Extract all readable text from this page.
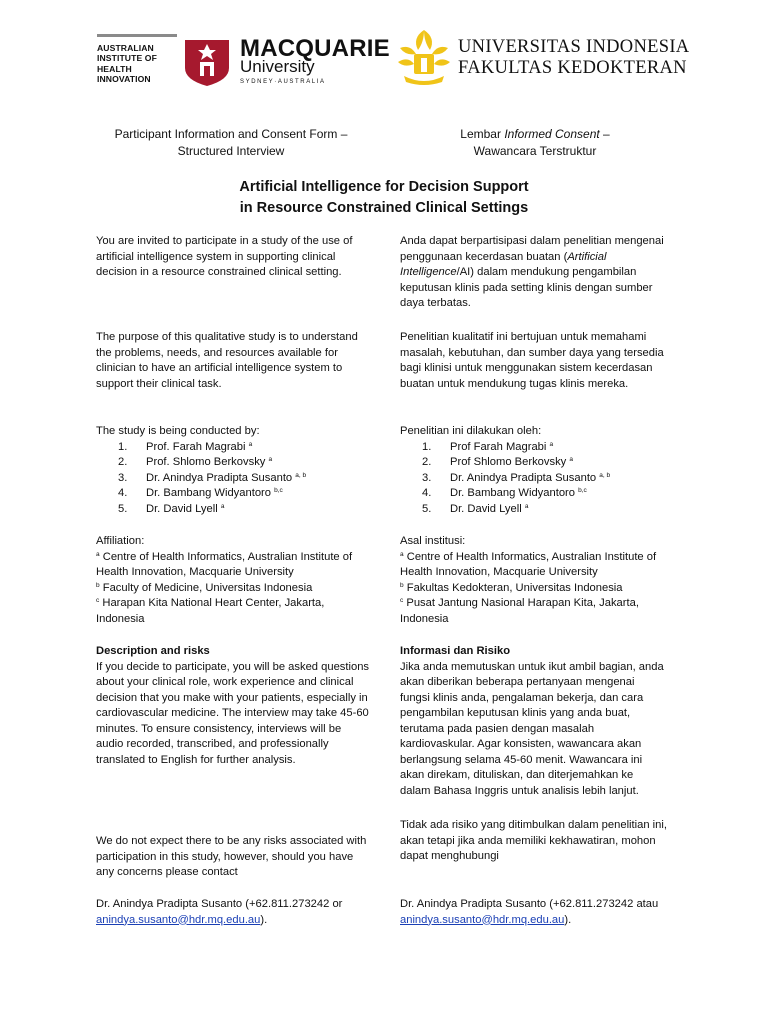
AUSTRALIAN
INSTITUTE OF
HEALTH
INNOVATION
MACQUARIE
University
SYDNEY·AUSTRALIA
UNIVERSITAS INDONESIA
FAKULTAS KEDOKTERAN
Participant Information and Consent Form –
Structured Interview
Lembar Informed Consent –
Wawancara Terstruktur
Artificial Intelligence for Decision Support
in Resource Constrained Clinical Settings

You are invited to participate in a study of the use of artificial intelligence system in supporting clinical decision in a resource constrained clinical setting.

The purpose of this qualitative study is to understand the problems, needs, and resources available for clinician to have an artificial intelligence system to support their clinical task.

The study is being conducted by:

1. Prof. Farah Magrabi $^a$
2. Prof. Shlomo Berkovsky $^a$
3. Dr. Anindya Pradipta Susanto $^{a, b}$
4. Dr. Bambang Widyantoro $^{b,c}$
5. Dr. David Lyell $^a$

Affiliation:

$^a$ Centre of Health Informatics, Australian Institute of Health Innovation, Macquarie University

$^b$ Faculty of Medicine, Universitas Indonesia

$^c$ Harapan Kita National Heart Center, Jakarta, Indonesia

Description and risks

If you decide to participate, you will be asked questions about your clinical role, work experience and clinical decision that you make with your patients, especially in cardiovascular medicine. The interview may take 45-60 minutes. To ensure consistency, interviews will be audio recorded, transcribed, and professionally translated to English for further analysis.

We do not expect there to be any risks associated with participation in this study, however, should you have any concerns please contact

Dr. Anindya Pradipta Susanto (+62.811.273242 or

anindya.susanto@hdr.mq.edu.au).

Anda dapat berpartisipasi dalam penelitian mengenai penggunaan kecerdasan buatan (Artificial Intelligence/AI) dalam mendukung pengambilan keputusan klinis pada setting klinis dengan sumber daya terbatas.

Penelitian kualitatif ini bertujuan untuk memahami masalah, kebutuhan, dan sumber daya yang tersedia bagi klinisi untuk menggunakan sistem kecerdasan buatan untuk mendukung tugas klinis mereka.

Penelitian ini dilakukan oleh:

1. Prof Farah Magrabi $^a$
2. Prof Shlomo Berkovsky $^a$
3. Dr. Anindya Pradipta Susanto $^{a, b}$
4. Dr. Bambang Widyantoro $^{b,c}$
5. Dr. David Lyell $^a$

Asal institusi:

$^a$ Centre of Health Informatics, Australian Institute of Health Innovation, Macquarie University

$^b$ Fakultas Kedokteran, Universitas Indonesia

$^c$ Pusat Jantung Nasional Harapan Kita, Jakarta, Indonesia

Informasi dan Risiko

Jika anda memutuskan untuk ikut ambil bagian, anda akan diberikan beberapa pertanyaan mengenai fungsi klinis anda, pengalaman bekerja, dan cara pengambilan keputusan klinis yang anda buat, terutama pada pasien dengan masalah kardiovaskular. Agar konsisten, wawancara akan berlangsung selama 45-60 menit. Wawancara ini akan direkam, dituliskan, dan diterjemahkan ke dalam Bahasa Inggris untuk analisis lebih lanjut.

Tidak ada risiko yang ditimbulkan dalam penelitian ini, akan tetapi jika anda memiliki kekhawatiran, mohon dapat menghubungi

Dr. Anindya Pradipta Susanto (+62.811.273242 atau

anindya.susanto@hdr.mq.edu.au).
